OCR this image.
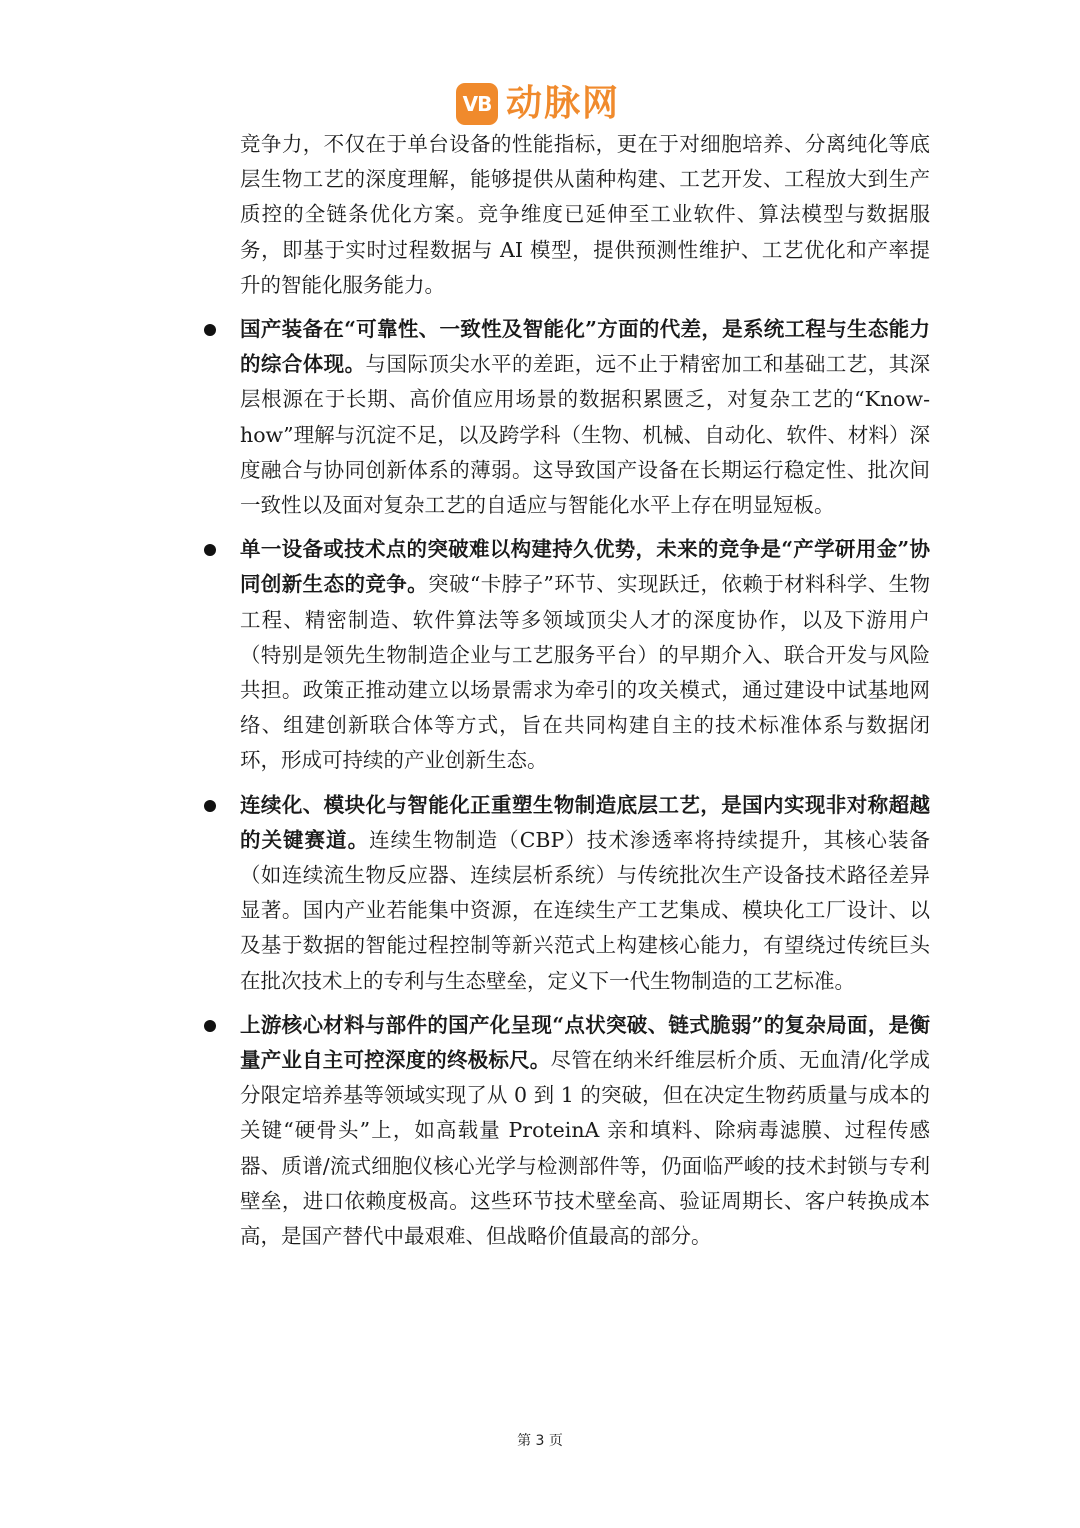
VB 动脉网

竞争力，不仅在于单台设备的性能指标，更在于对细胞培养、分离纯化等底层生物工艺的深度理解，能够提供从菌种构建、工艺开发、工程放大到生产质控的全链条优化方案。竞争维度已延伸至工业软件、算法模型与数据服务，即基于实时过程数据与 AI 模型，提供预测性维护、工艺优化和产率提升的智能化服务能力。

国产装备在“可靠性、一致性及智能化”方面的代差，是系统工程与生态能力的综合体现。与国际顶尖水平的差距，远不止于精密加工和基础工艺，其深层根源在于长期、高价值应用场景的数据积累匮乏，对复杂工艺的“Know-how”理解与沉淀不足，以及跨学科（生物、机械、自动化、软件、材料）深度融合与协同创新体系的薄弱。这导致国产设备在长期运行稳定性、批次间一致性以及面对复杂工艺的自适应与智能化水平上存在明显短板。

单一设备或技术点的突破难以构建持久优势，未来的竞争是“产学研用金”协同创新生态的竞争。突破“卡脖子”环节、实现跃迁，依赖于材料科学、生物工程、精密制造、软件算法等多领域顶尖人才的深度协作，以及下游用户（特别是领先生物制造企业与工艺服务平台）的早期介入、联合开发与风险共担。政策正推动建立以场景需求为牵引的攻关模式，通过建设中试基地网络、组建创新联合体等方式，旨在共同构建自主的技术标准体系与数据闭环，形成可持续的产业创新生态。

连续化、模块化与智能化正重塑生物制造底层工艺，是国内实现非对称超越的关键赛道。连续生物制造（CBP）技术渗透率将持续提升，其核心装备（如连续流生物反应器、连续层析系统）与传统批次生产设备技术路径差异显著。国内产业若能集中资源，在连续生产工艺集成、模块化工厂设计、以及基于数据的智能过程控制等新兴范式上构建核心能力，有望绕过传统巨头在批次技术上的专利与生态壁垒，定义下一代生物制造的工艺标准。

上游核心材料与部件的国产化呈现“点状突破、链式脆弱”的复杂局面，是衡量产业自主可控深度的终极标尺。尽管在纳米纤维层析介质、无血清/化学成分限定培养基等领域实现了从 0 到 1 的突破，但在决定生物药质量与成本的关键“硬骨头”上，如高载量 ProteinA 亲和填料、除病毒滤膜、过程传感器、质谱/流式细胞仪核心光学与检测部件等，仍面临严峻的技术封锁与专利壁垒，进口依赖度极高。这些环节技术壁垒高、验证周期长、客户转换成本高，是国产替代中最艰难、但战略价值最高的部分。

第 3 页
